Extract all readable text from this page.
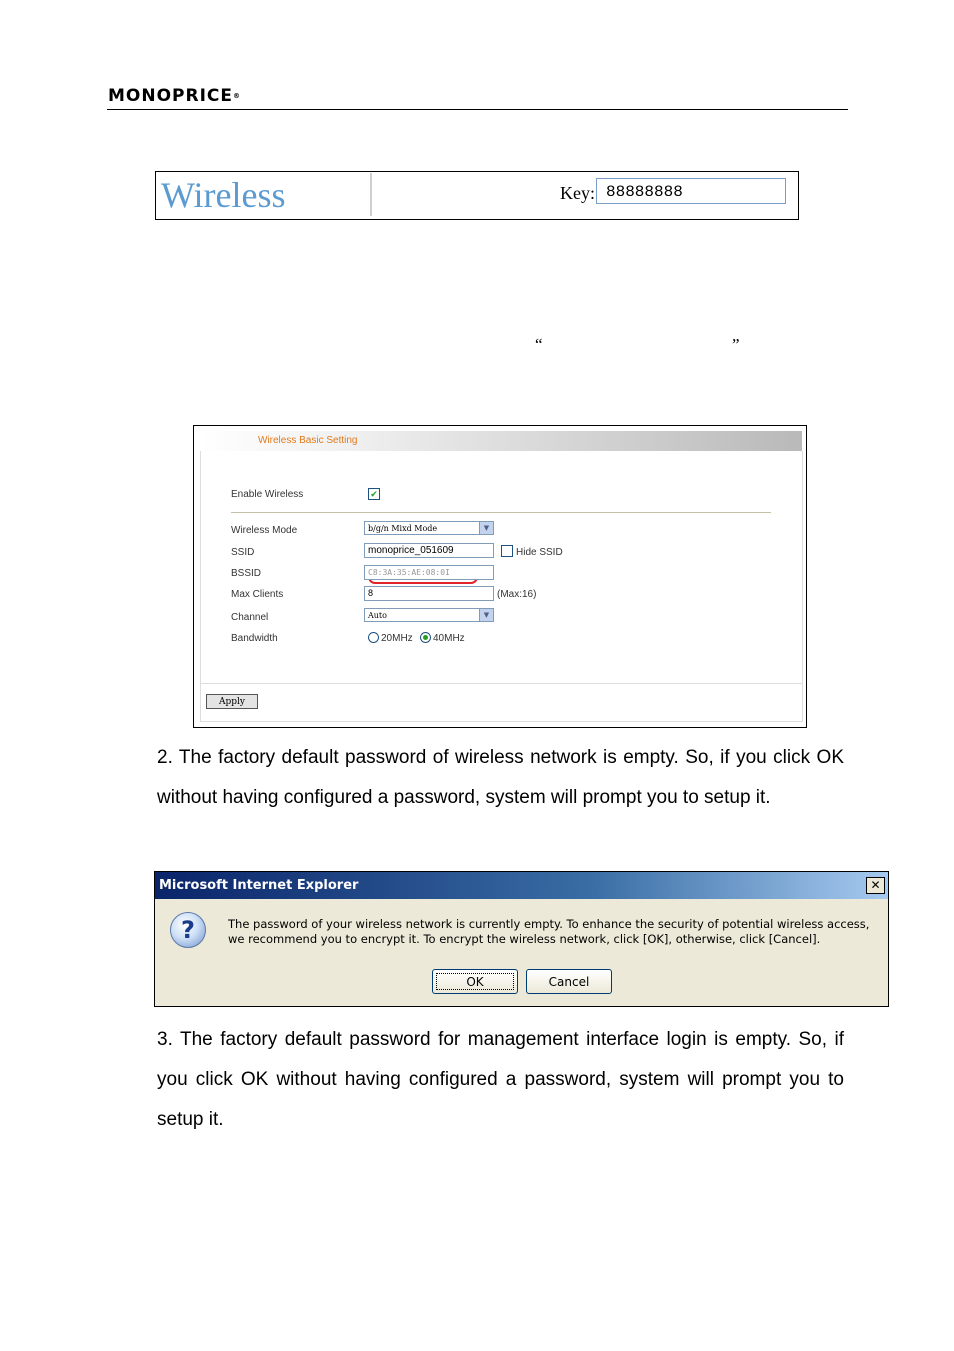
MONOPRICE®
Wireless	Key: 88888888
“	”
Wireless Basic Setting
Enable Wireless	✔
Wireless Mode	b/g/n Mixd Mode	▼
SSID	monoprice_051609	Hide SSID
BSSID	C8:3A:35:AE:08:0I
Max Clients	8	(Max:16)
Channel	Auto	▼
Bandwidth	20MHz 40MHz
Apply
2. The factory default password of wireless network is empty. So, if you click OK without having configured a password, system will prompt you to setup it.
Microsoft Internet Explorer	✕
?	The password of your wireless network is currently empty. To enhance the security of potential wireless access, we recommend you to encrypt it. To encrypt the wireless network, click [OK], otherwise, click [Cancel].
OK	Cancel
3. The factory default password for management interface login is empty. So, if you click OK without having configured a password, system will prompt you to setup it.
